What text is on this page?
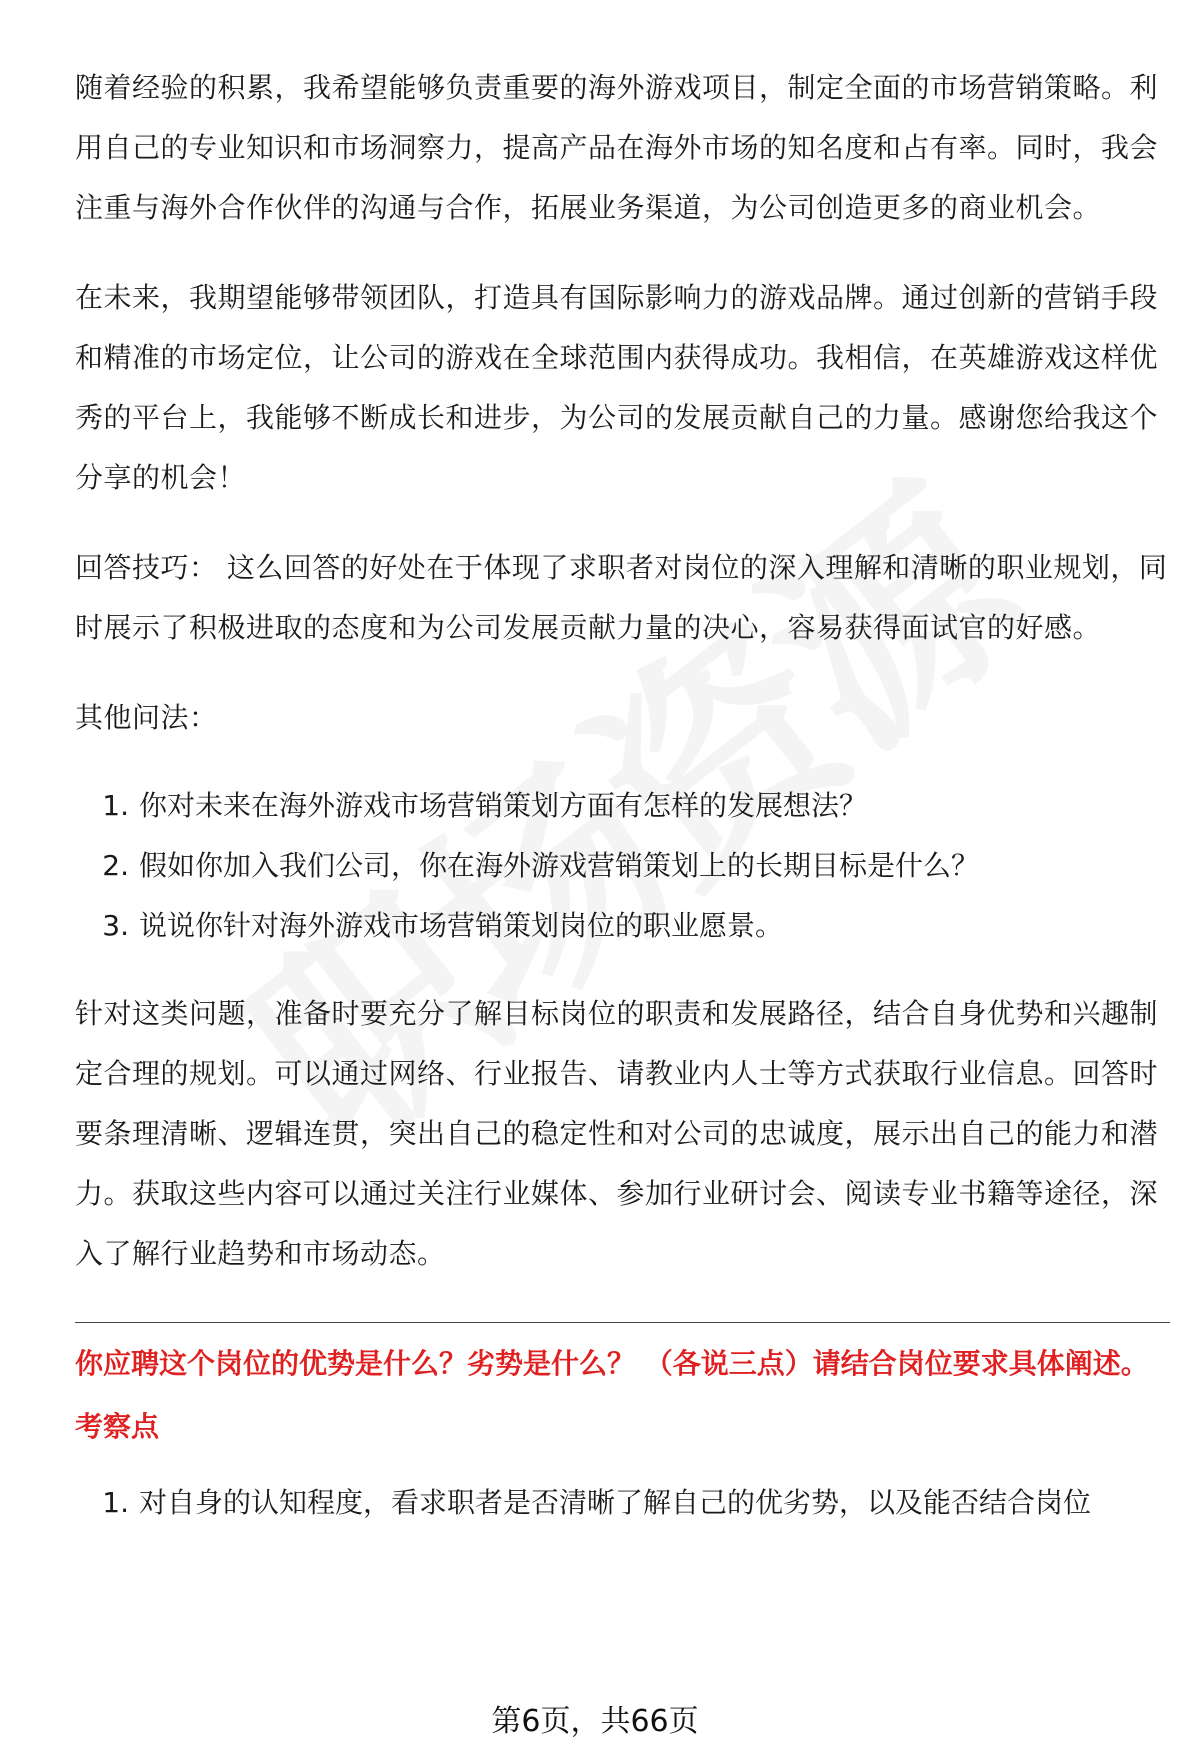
随着经验的积累，我希望能够负责重要的海外游戏项目，制定全面的市场营销策略。利用自己的专业知识和市场洞察力，提高产品在海外市场的知名度和占有率。同时，我会注重与海外合作伙伴的沟通与合作，拓展业务渠道，为公司创造更多的商业机会。

在未来，我期望能够带领团队，打造具有国际影响力的游戏品牌。通过创新的营销手段和精准的市场定位，让公司的游戏在全球范围内获得成功。我相信，在英雄游戏这样优秀的平台上，我能够不断成长和进步，为公司的发展贡献自己的力量。感谢您给我这个分享的机会！

回答技巧： 这么回答的好处在于体现了求职者对岗位的深入理解和清晰的职业规划，同时展示了积极进取的态度和为公司发展贡献力量的决心，容易获得面试官的好感。

其他问法：

1. 你对未来在海外游戏市场营销策划方面有怎样的发展想法？
2. 假如你加入我们公司，你在海外游戏营销策划上的长期目标是什么？
3. 说说你针对海外游戏市场营销策划岗位的职业愿景。

针对这类问题，准备时要充分了解目标岗位的职责和发展路径，结合自身优势和兴趣制定合理的规划。可以通过网络、行业报告、请教业内人士等方式获取行业信息。回答时要条理清晰、逻辑连贯，突出自己的稳定性和对公司的忠诚度，展示出自己的能力和潜力。获取这些内容可以通过关注行业媒体、参加行业研讨会、阅读专业书籍等途径，深入了解行业趋势和市场动态。

你应聘这个岗位的优势是什么？劣势是什么？ （各说三点）请结合岗位要求具体阐述。

考察点

1. 对自身的认知程度，看求职者是否清晰了解自己的优劣势，以及能否结合岗位
第6页，共66页
